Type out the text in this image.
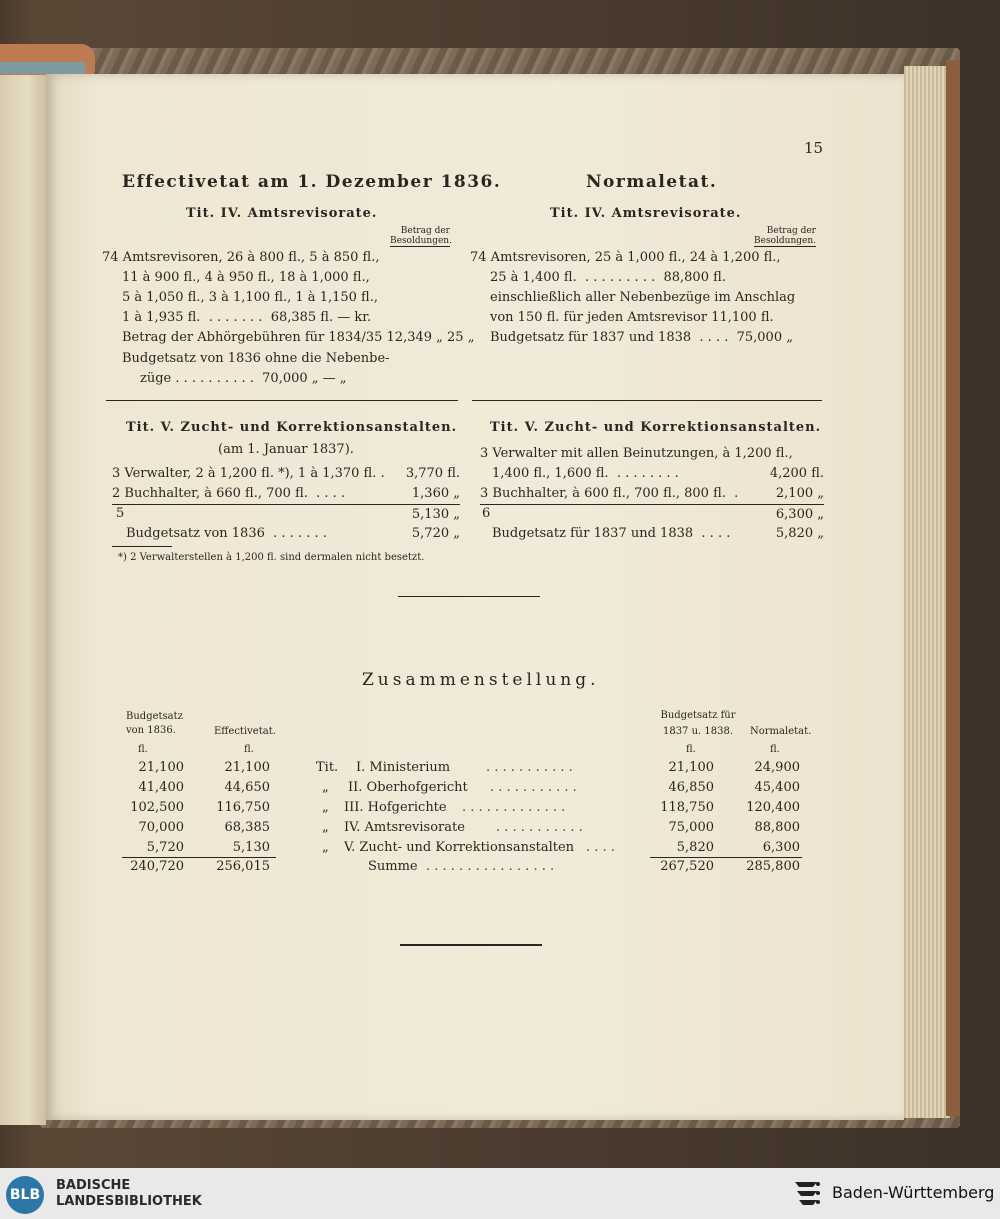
15
Effectivetat am 1. Dezember 1836.
Tit. IV. Amtsrevisorate.
Betrag der Besoldungen.
74 Amtsrevisoren, 26 à 800 fl., 5 à 850 fl.,
11 à 900 fl., 4 à 950 fl., 18 à 1,000 fl.,
5 à 1,050 fl., 3 à 1,100 fl., 1 à 1,150 fl.,
1 à 1,935 fl.  . . . . . . .  68,385 fl. — kr.
Betrag der Abhörgebühren für 1834/35 12,349 „ 25 „
Budgetsatz von 1836 ohne die Nebenbe-
züge . . . . . . . . . .  70,000 „ — „
Tit. V. Zucht- und Korrektionsanstalten.
(am 1. Januar 1837).
3 Verwalter, 2 à 1,200 fl. *), 1 à 1,370 fl. .	3,770 fl.
2 Buchhalter, à 660 fl., 700 fl.  . . . .	1,360 „
5	5,130 „
Budgetsatz von 1836  . . . . . . .	5,720 „
*) 2 Verwalterstellen à 1,200 fl. sind dermalen nicht besetzt.
Normaletat.
Tit. IV. Amtsrevisorate.
Betrag der Besoldungen.
74 Amtsrevisoren, 25 à 1,000 fl., 24 à 1,200 fl.,
25 à 1,400 fl.  . . . . . . . . .  88,800 fl.
einschließlich aller Nebenbezüge im Anschlag
von 150 fl. für jeden Amtsrevisor 11,100 fl.
Budgetsatz für 1837 und 1838  . . . .  75,000 „
Tit. V. Zucht- und Korrektionsanstalten.
3 Verwalter mit allen Beinutzungen, à 1,200 fl.,
1,400 fl., 1,600 fl.  . . . . . . . .	4,200 fl.
3 Buchhalter, à 600 fl., 700 fl., 800 fl.  .	2,100 „
6	6,300 „
Budgetsatz für 1837 und 1838  . . . .	5,820 „
Zusammenstellung.
Budgetsatz von 1836.	Effectivetat.
Budgetsatz für 1837 u. 1838.	Normaletat.
fl.	fl.	fl.	fl.
21,100	21,100	Tit. I. Ministerium	. . . . . . . . . . .	21,100	24,900
41,400	44,650	„ II. Oberhofgericht . . . . . . . . . . .	46,850	45,400
102,500	116,750	„ III. Hofgerichte . . . . . . . . . . . . .	118,750	120,400
70,000	68,385	„ IV. Amtsrevisorate . . . . . . . . . . .	75,000	88,800
5,720	5,130	„ V. Zucht- und Korrektionsanstalten . . . .	5,820	6,300
240,720	256,015	Summe . . . . . . . . . . . . . . . .	267,520	285,800
BLB
BADISCHE
LANDESBIBLIOTHEK	Baden-Württemberg
